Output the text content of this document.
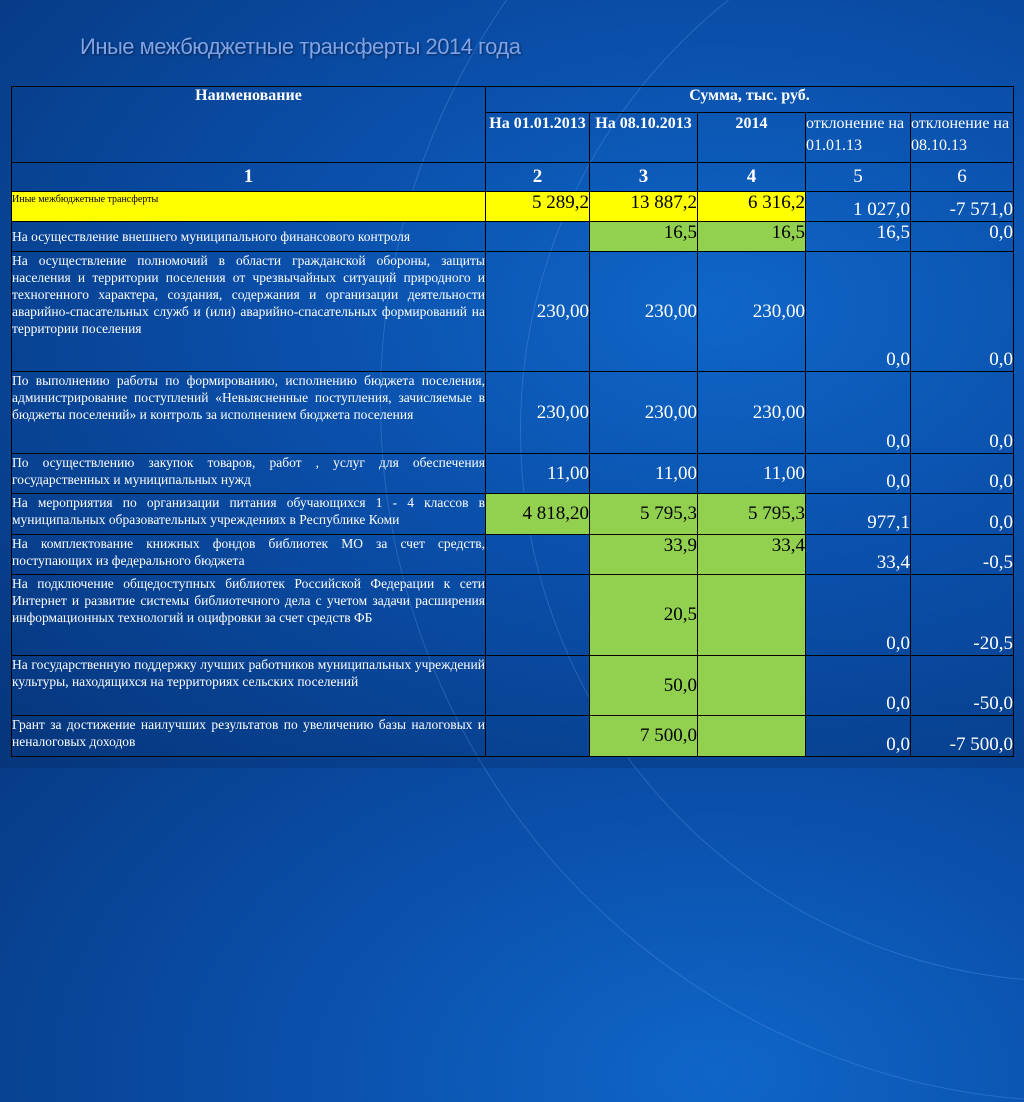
Иные межбюджетные трансферты 2014 года
Наименование	Сумма, тыс. руб.				
	На 01.01.2013	На 08.10.2013	2014	отклонение на 01.01.13	отклонение на 08.10.13
1	2	3	4	5	6
Иные межбюджетные трансферты	5 289,2	13 887,2	6 316,2	1 027,0	-7 571,0
На осуществление внешнего муниципального финансового контроля		16,5	16,5	16,5	0,0
На осуществление полномочий в области гражданской обороны, защиты населения и территории поселения от чрезвычайных ситуаций природного и техногенного характера, создания, содержания и организации деятельности аварийно-спасательных служб и (или) аварийно-спасательных формирований на территории поселения	230,00	230,00	230,00	0,0	0,0
По выполнению работы по формированию, исполнению бюджета поселения, администрирование поступлений «Невыясненные поступления, зачисляемые в бюджеты поселений» и контроль за исполнением бюджета поселения	230,00	230,00	230,00	0,0	0,0
По осуществлению закупок товаров, работ , услуг для обеспечения государственных и муниципальных нужд	11,00	11,00	11,00	0,0	0,0
На мероприятия по организации питания обучающихся 1 - 4 классов в муниципальных образовательных учреждениях в Республике Коми	4 818,20	5 795,3	5 795,3	977,1	0,0
На комплектование книжных фондов библиотек МО за счет средств, поступающих из федерального бюджета		33,9	33,4	33,4	-0,5
На подключение общедоступных библиотек Российской Федерации к сети Интернет и развитие системы библиотечного дела с учетом задачи расширения информационных технологий и оцифровки за счет средств ФБ		20,5		0,0	-20,5
На государственную поддержку лучших работников муниципальных учреждений культуры, находящихся на территориях сельских поселений		50,0		0,0	-50,0
Грант за достижение наилучших результатов по увеличению базы налоговых и неналоговых доходов		7 500,0		0,0	-7 500,0
